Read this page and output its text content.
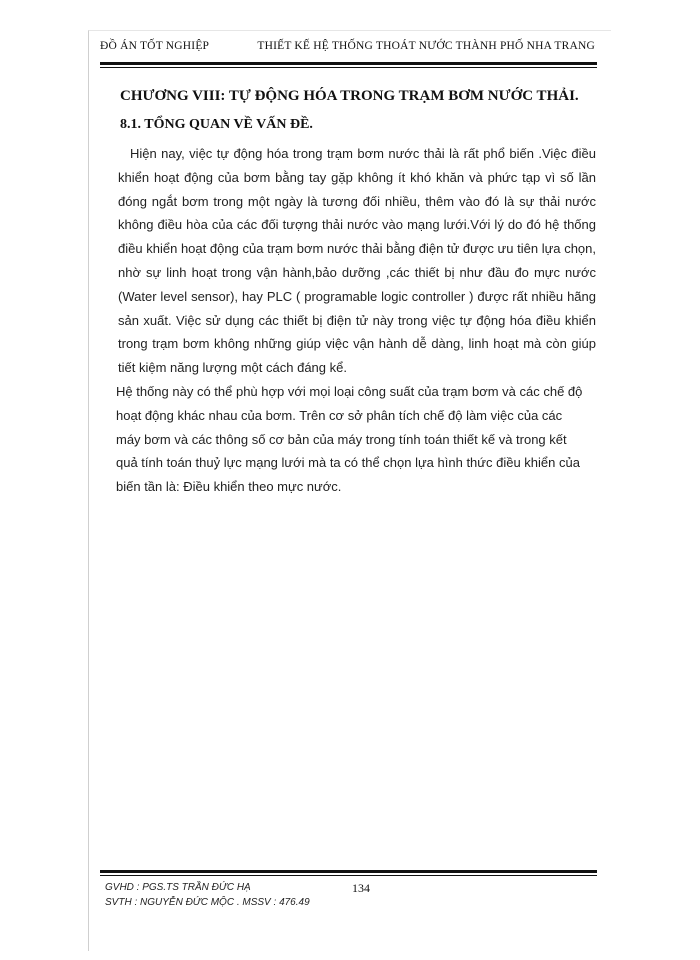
ĐỒ ÁN TỐT NGHIỆP	THIẾT KẾ HỆ THỐNG THOÁT NƯỚC THÀNH PHỐ NHA TRANG
CHƯƠNG VIII: TỰ ĐỘNG HÓA TRONG TRẠM BƠM NƯỚC THẢI.
8.1. TỔNG QUAN VỀ VẤN ĐỀ.

Hiện nay, việc tự động hóa trong trạm bơm nước thải là rất phổ biến .Việc điều khiển hoạt động của bơm bằng tay gặp không ít khó khăn và phức tạp vì số lần đóng ngắt bơm trong một ngày là tương đối nhiều, thêm vào đó là sự thải nước không điều hòa của các đối tượng thải nước vào mạng lưới.Với lý do đó hệ thống điều khiển hoạt động của trạm bơm nước thải bằng điện tử được ưu tiên lựa chọn, nhờ sự linh hoạt trong vận hành,bảo dưỡng ,các thiết bị như đầu đo mực nước (Water level sensor), hay PLC ( programable logic controller ) được rất nhiều hãng sản xuất. Việc sử dụng các thiết bị điện tử này trong việc tự động hóa điều khiển trong trạm bơm không những giúp việc vận hành dễ dàng, linh hoạt mà còn giúp tiết kiệm năng lượng một cách đáng kể.

Hệ thống này có thể phù hợp với mọi loại công suất của trạm bơm và các chế độ hoạt động khác nhau của bơm. Trên cơ sở phân tích chế độ làm việc của các máy bơm và các thông số cơ bản của máy trong tính toán thiết kế và trong kết quả tính toán thuỷ lực mạng lưới mà ta có thể chọn lựa hình thức điều khiển của biến tần là: Điều khiển theo mực nước.

GVHD : PGS.TS TRẦN ĐỨC HẠ
SVTH : NGUYỄN ĐỨC MỘC . MSSV : 476.49
134
